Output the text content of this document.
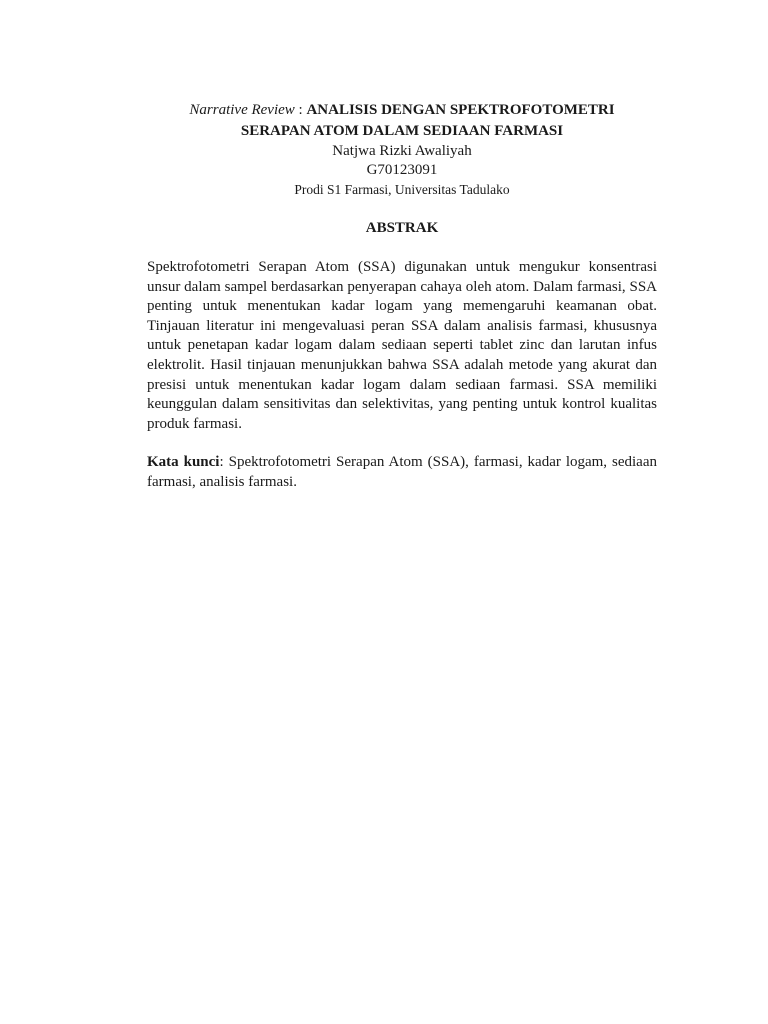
Narrative Review : ANALISIS DENGAN SPEKTROFOTOMETRI
SERAPAN ATOM DALAM SEDIAAN FARMASI
Natjwa Rizki Awaliyah
G70123091
Prodi S1 Farmasi, Universitas Tadulako
ABSTRAK
Spektrofotometri Serapan Atom (SSA) digunakan untuk mengukur konsentrasi unsur dalam sampel berdasarkan penyerapan cahaya oleh atom. Dalam farmasi, SSA penting untuk menentukan kadar logam yang memengaruhi keamanan obat. Tinjauan literatur ini mengevaluasi peran SSA dalam analisis farmasi, khususnya untuk penetapan kadar logam dalam sediaan seperti tablet zinc dan larutan infus elektrolit. Hasil tinjauan menunjukkan bahwa SSA adalah metode yang akurat dan presisi untuk menentukan kadar logam dalam sediaan farmasi. SSA memiliki keunggulan dalam sensitivitas dan selektivitas, yang penting untuk kontrol kualitas produk farmasi.
Kata kunci: Spektrofotometri Serapan Atom (SSA), farmasi, kadar logam, sediaan farmasi, analisis farmasi.
